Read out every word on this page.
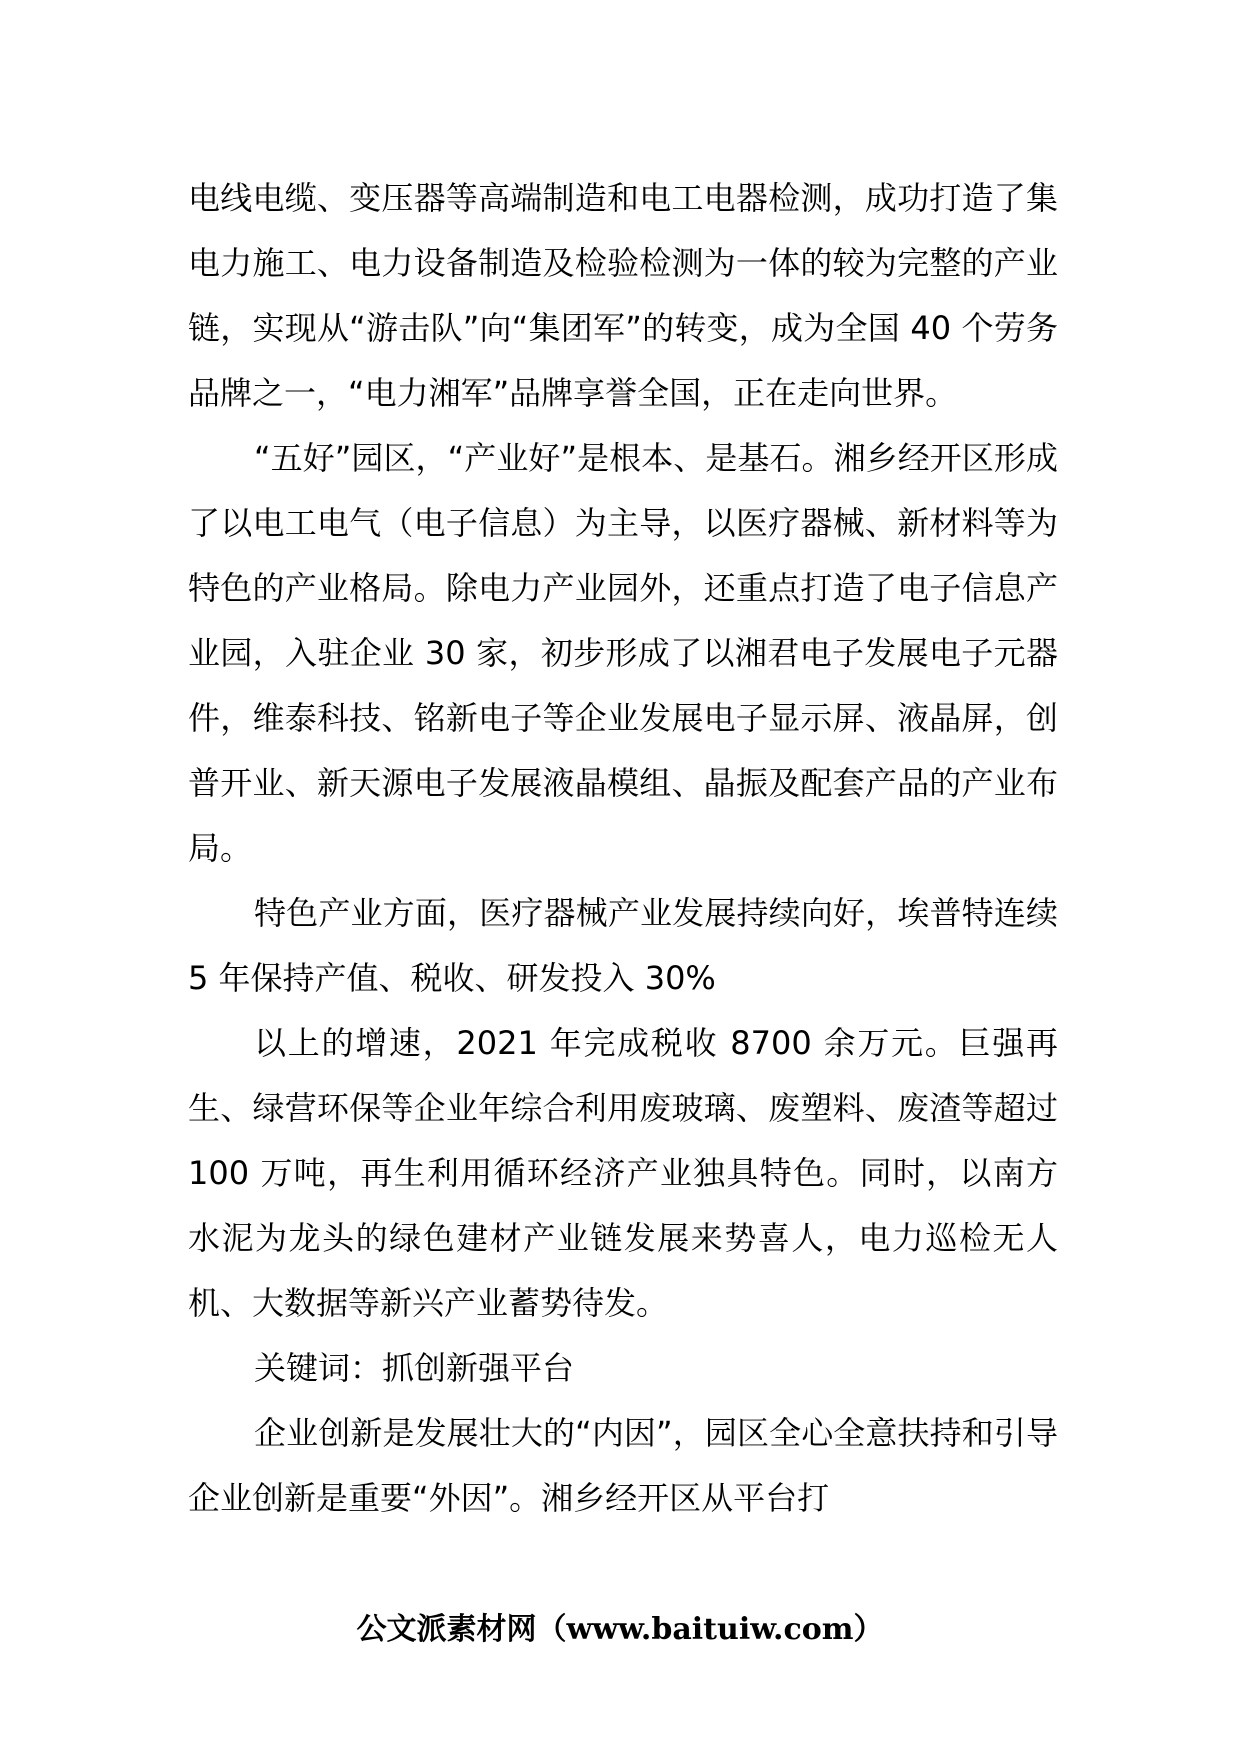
电线电缆、变压器等高端制造和电工电器检测，成功打造了集电力施工、电力设备制造及检验检测为一体的较为完整的产业链，实现从“游击队”向“集团军”的转变，成为全国 40 个劳务品牌之一，“电力湘军”品牌享誉全国，正在走向世界。

“五好”园区，“产业好”是根本、是基石。湘乡经开区形成了以电工电气（电子信息）为主导，以医疗器械、新材料等为特色的产业格局。除电力产业园外，还重点打造了电子信息产业园，入驻企业 30 家，初步形成了以湘君电子发展电子元器件，维泰科技、铭新电子等企业发展电子显示屏、液晶屏，创普开业、新天源电子发展液晶模组、晶振及配套产品的产业布局。

特色产业方面，医疗器械产业发展持续向好，埃普特连续 5 年保持产值、税收、研发投入 30%

以上的增速，2021 年完成税收 8700 余万元。巨强再生、绿营环保等企业年综合利用废玻璃、废塑料、废渣等超过 100 万吨，再生利用循环经济产业独具特色。同时，以南方水泥为龙头的绿色建材产业链发展来势喜人，电力巡检无人机、大数据等新兴产业蓄势待发。

关键词：抓创新强平台

企业创新是发展壮大的“内因”，园区全心全意扶持和引导企业创新是重要“外因”。湘乡经开区从平台打

公文派素材网（www.baituiw.com）
